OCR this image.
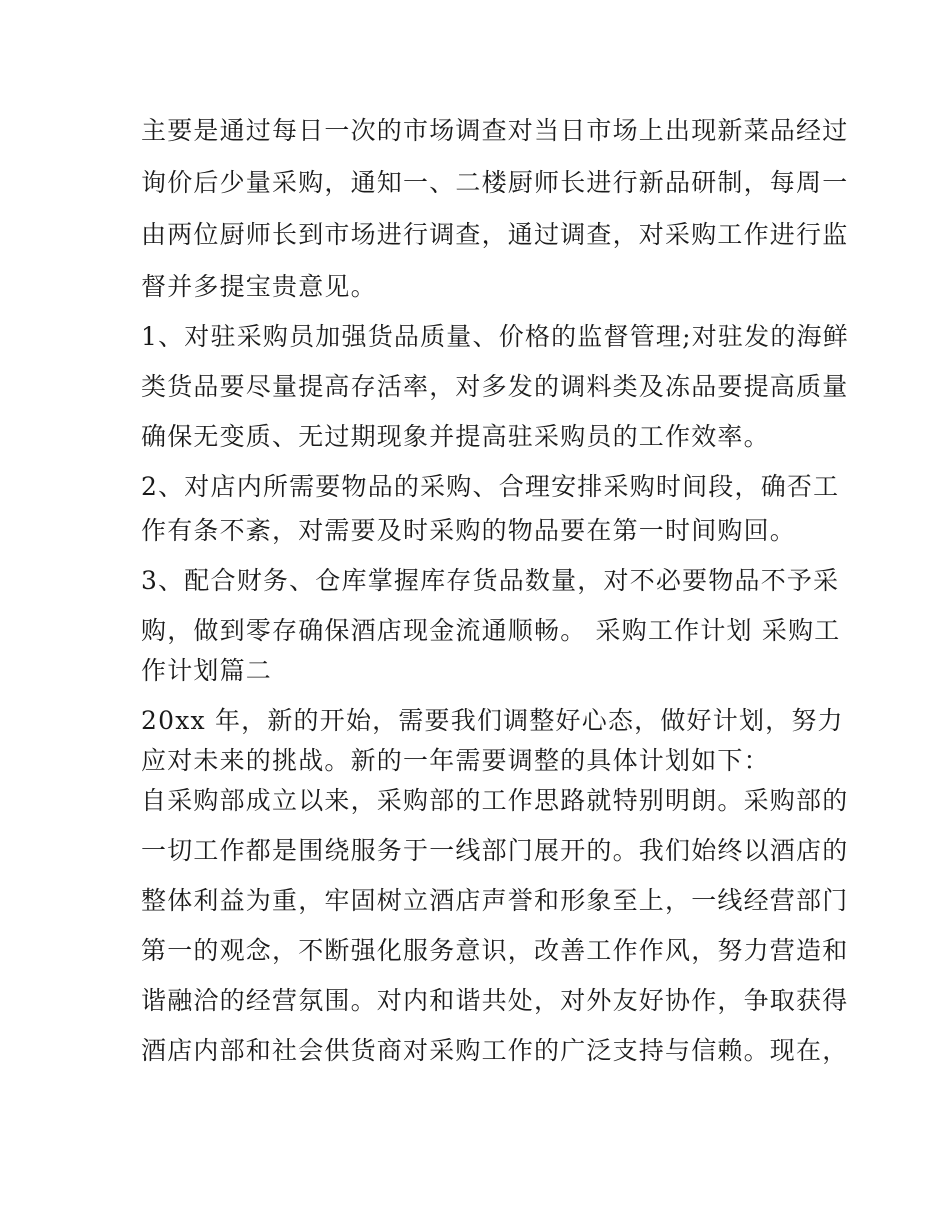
主要是通过每日一次的市场调查对当日市场上出现新菜品经过
询价后少量采购，通知一、二楼厨师长进行新品研制，每周一
由两位厨师长到市场进行调查，通过调查，对采购工作进行监
督并多提宝贵意见。
1、对驻采购员加强货品质量、价格的监督管理;对驻发的海鲜
类货品要尽量提高存活率，对多发的调料类及冻品要提高质量
确保无变质、无过期现象并提高驻采购员的工作效率。
2、对店内所需要物品的采购、合理安排采购时间段，确否工
作有条不紊，对需要及时采购的物品要在第一时间购回。
3、配合财务、仓库掌握库存货品数量，对不必要物品不予采
购，做到零存确保酒店现金流通顺畅。 采购工作计划 采购工
作计划篇二
20xx 年，新的开始，需要我们调整好心态，做好计划，努力
应对未来的挑战。新的一年需要调整的具体计划如下：
自采购部成立以来，采购部的工作思路就特别明朗。采购部的
一切工作都是围绕服务于一线部门展开的。我们始终以酒店的
整体利益为重，牢固树立酒店声誉和形象至上，一线经营部门
第一的观念，不断强化服务意识，改善工作作风，努力营造和
谐融洽的经营氛围。对内和谐共处，对外友好协作，争取获得
酒店内部和社会供货商对采购工作的广泛支持与信赖。现在，
